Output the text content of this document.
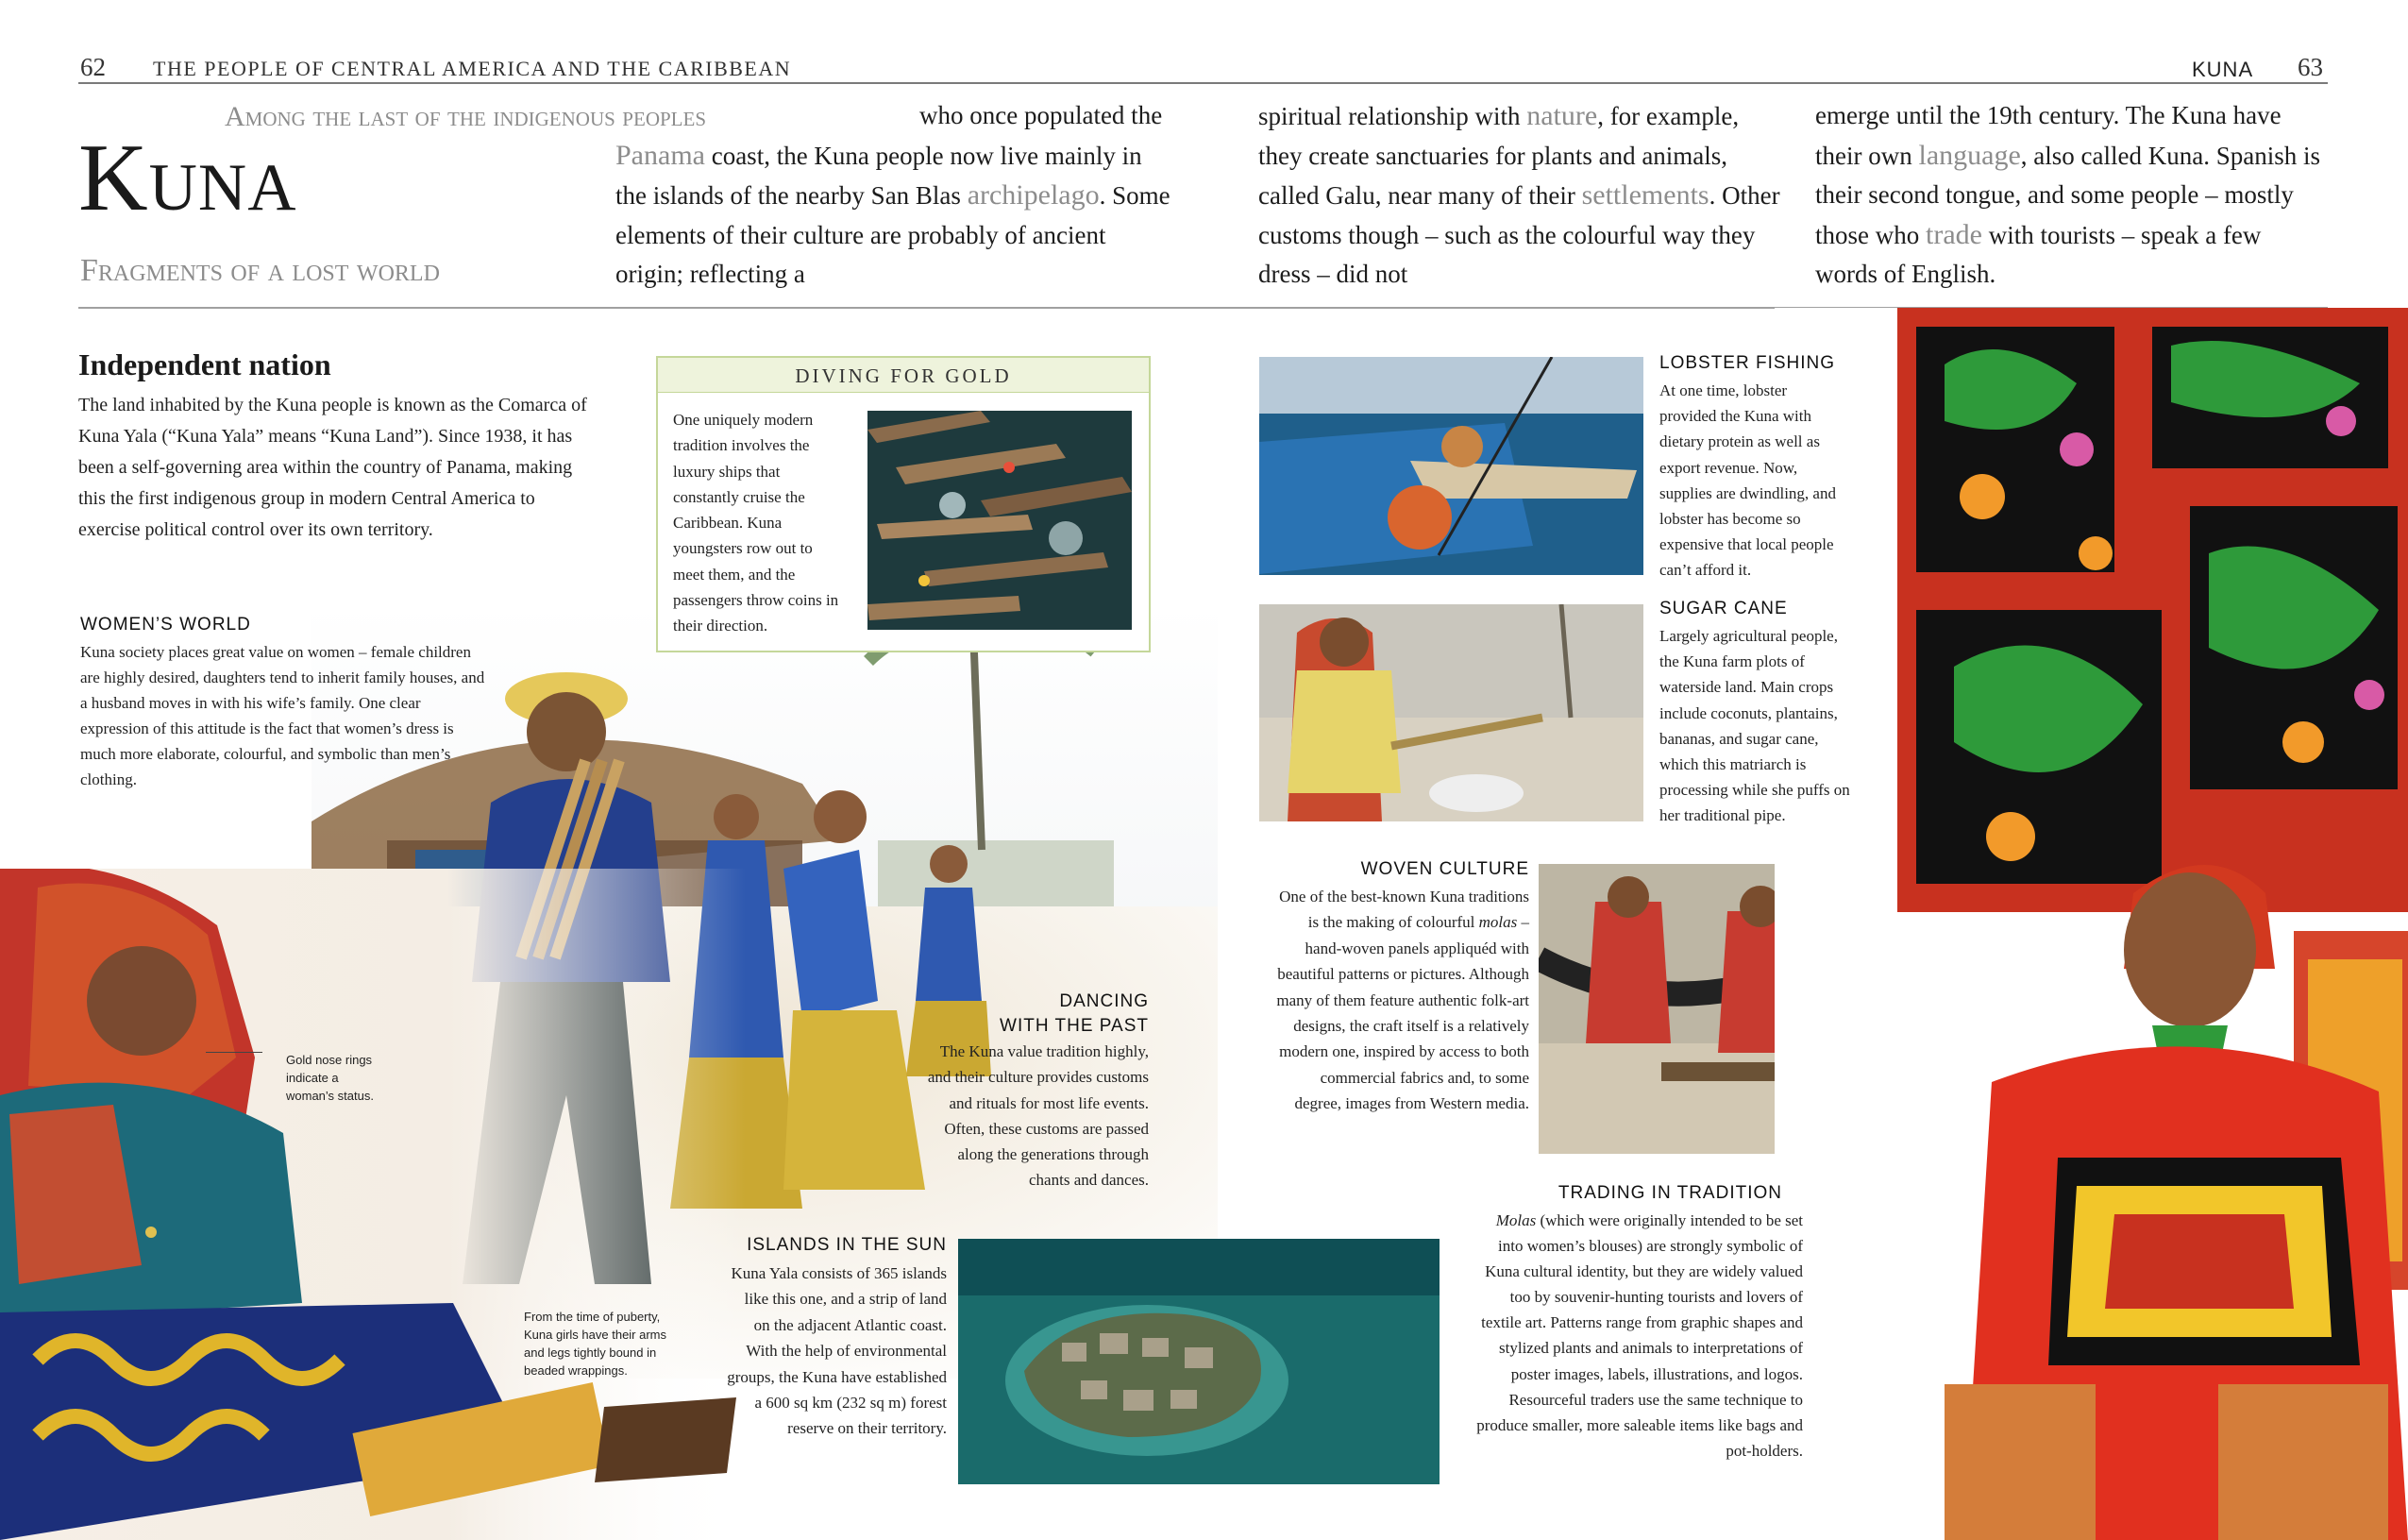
62 THE PEOPLE OF CENTRAL AMERICA AND THE CARIBBEAN	KUNA 63
Kuna
Fragments of a lost world
Among the last of the indigenous peoples	who once populated the Panama coast, the Kuna people now live mainly in the islands of the nearby San Blas archipelago. Some elements of their culture are probably of ancient origin; reflecting a
spiritual relationship with nature, for example, they create sanctuaries for plants and animals, called Galu, near many of their settlements. Other customs though – such as the colourful way they dress – did not
emerge until the 19th century. The Kuna have their own language, also called Kuna. Spanish is their second tongue, and some people – mostly those who trade with tourists – speak a few words of English.
DIVING FOR GOLD
One uniquely modern tradition involves the luxury ships that constantly cruise the Caribbean. Kuna youngsters row out to meet them, and the passengers throw coins in their direction.
Independent nation
The land inhabited by the Kuna people is known as the Comarca of Kuna Yala (“Kuna Yala” means “Kuna Land”). Since 1938, it has been a self-governing area within the country of Panama, making this the first indigenous group in modern Central America to exercise political control over its own territory.
WOMEN’S WORLD
Kuna society places great value on women – female children are highly desired, daughters tend to inherit family houses, and a husband moves in with his wife’s family. One clear expression of this attitude is the fact that women’s dress is much more elaborate, colourful, and symbolic than men’s clothing.
LOBSTER FISHING
At one time, lobster provided the Kuna with dietary protein as well as export revenue. Now, supplies are dwindling, and lobster has become so expensive that local people can’t afford it.
SUGAR CANE
Largely agricultural people, the Kuna farm plots of waterside land. Main crops include coconuts, plantains, bananas, and sugar cane, which this matriarch is processing while she puffs on her traditional pipe.
WOVEN CULTURE
One of the best-known Kuna traditions is the making of colourful molas – hand-woven panels appliquéd with beautiful patterns or pictures. Although many of them feature authentic folk-art designs, the craft itself is a relatively modern one, inspired by access to both commercial fabrics and, to some degree, images from Western media.
DANCING
WITH THE PAST
The Kuna value tradition highly, and their culture provides customs and rituals for most life events. Often, these customs are passed along the generations through chants and dances.
ISLANDS IN THE SUN
Kuna Yala consists of 365 islands like this one, and a strip of land on the adjacent Atlantic coast. With the help of environmental groups, the Kuna have established a 600 sq km (232 sq m) forest reserve on their territory.
TRADING IN TRADITION
Molas (which were originally intended to be set into women’s blouses) are strongly symbolic of Kuna cultural identity, but they are widely valued too by souvenir-hunting tourists and lovers of textile art. Patterns range from graphic shapes and stylized plants and animals to interpretations of poster images, labels, illustrations, and logos. Resourceful traders use the same technique to produce smaller, more saleable items like bags and pot-holders.
Gold nose rings indicate a woman’s status.
From the time of puberty, Kuna girls have their arms and legs tightly bound in beaded wrappings.
